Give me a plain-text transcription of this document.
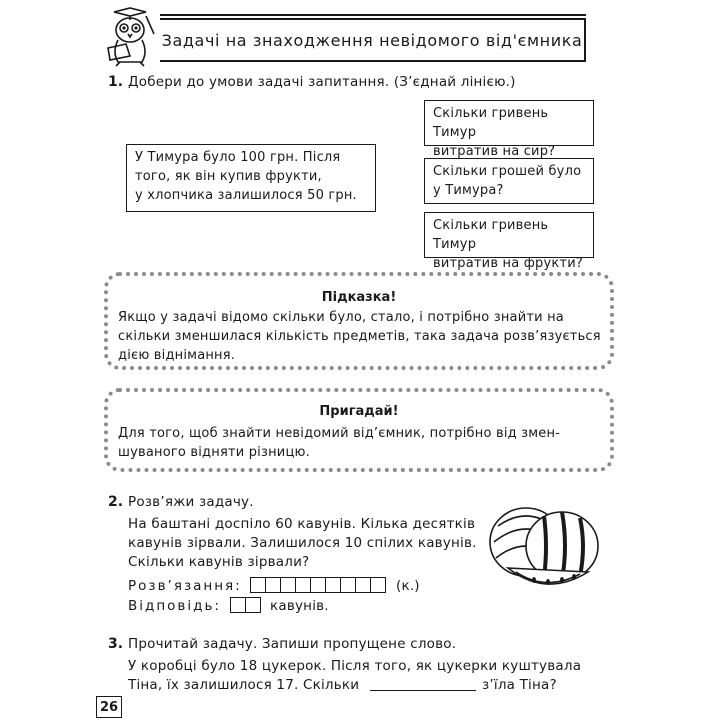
Задачі на знаходження невідомого від'ємника
1. Добери до умови задачі запитання. (З’єднай лінією.)
У Тимура було 100 грн. Після
того, як він купив фрукти,
у хлопчика залишилося 50 грн.
Скільки гривень Тимур
витратив на сир?
Скільки грошей було
у Тимура?
Скільки гривень Тимур
витратив на фрукти?
Підказка!
Якщо у задачі відомо скільки було, стало, і потрібно знайти на
скільки зменшилася кількість предметів, така задача розв’язується
дією віднімання.
Пригадай!
Для того, щоб знайти невідомий від’ємник, потрібно від змен-
шуваного відняти різницю.
2. Розв’яжи задачу.
На баштані доспіло 60 кавунів. Кілька десятків
кавунів зірвали. Залишилося 10 спілих кавунів.
Скільки кавунів зірвали?
Розв’язання:	(к.)
Відповідь:	кавунів.
3. Прочитай задачу. Запиши пропущене слово.
У коробці було 18 цукерок. Після того, як цукерки куштувала
Тіна, їх залишилося 17. Скільки	з’їла Тіна?
26
